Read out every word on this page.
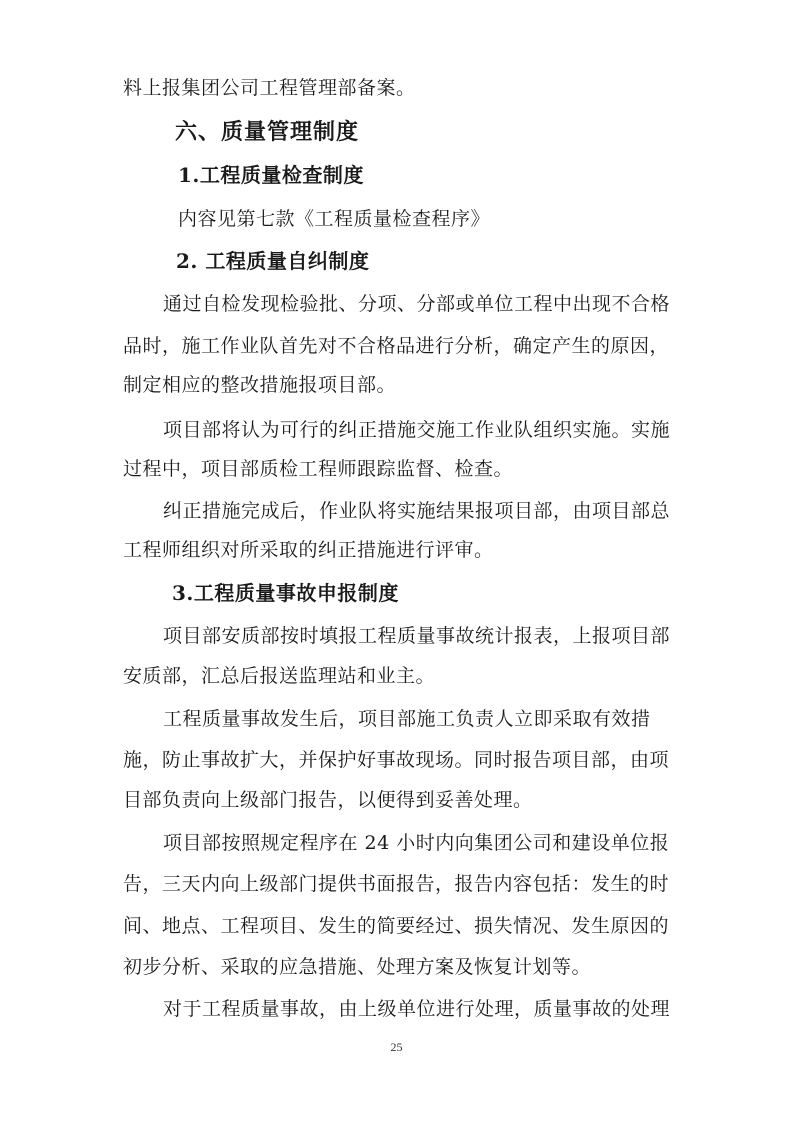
料上报集团公司工程管理部备案。
六、质量管理制度
1.工程质量检查制度
内容见第七款《工程质量检查程序》
2. 工程质量自纠制度
通过自检发现检验批、分项、分部或单位工程中出现不合格
品时，施工作业队首先对不合格品进行分析，确定产生的原因，
制定相应的整改措施报项目部。
项目部将认为可行的纠正措施交施工作业队组织实施。实施
过程中，项目部质检工程师跟踪监督、检查。
纠正措施完成后，作业队将实施结果报项目部，由项目部总
工程师组织对所采取的纠正措施进行评审。
3.工程质量事故申报制度
项目部安质部按时填报工程质量事故统计报表，上报项目部
安质部，汇总后报送监理站和业主。
工程质量事故发生后，项目部施工负责人立即采取有效措
施，防止事故扩大，并保护好事故现场。同时报告项目部，由项
目部负责向上级部门报告，以便得到妥善处理。
项目部按照规定程序在 24 小时内向集团公司和建设单位报
告，三天内向上级部门提供书面报告，报告内容包括：发生的时
间、地点、工程项目、发生的简要经过、损失情况、发生原因的
初步分析、采取的应急措施、处理方案及恢复计划等。
对于工程质量事故，由上级单位进行处理，质量事故的处理
25
